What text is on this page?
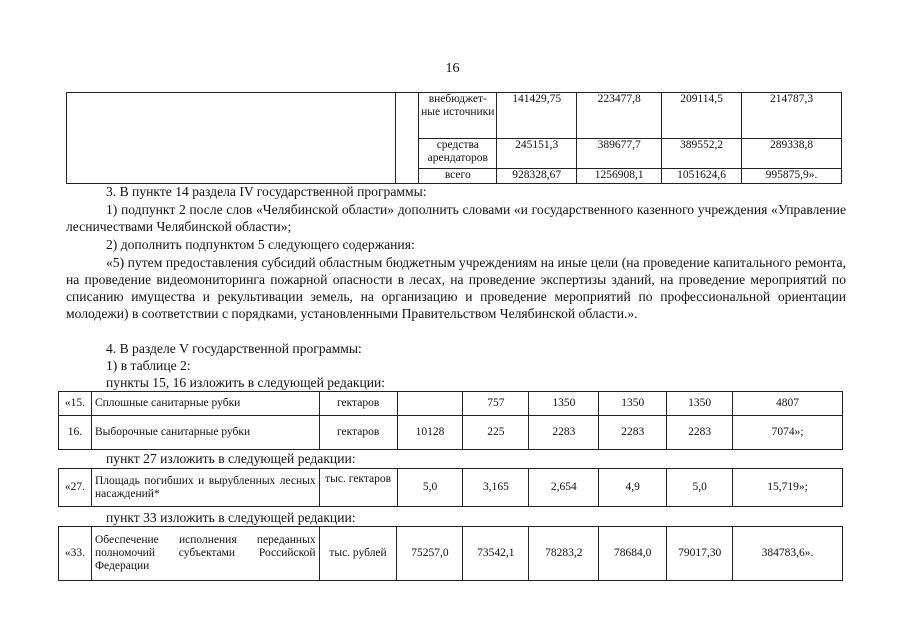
16
		внебюджет-ные источники	141429,75	223477,8	209114,5	214787,3
		средства арендаторов	245151,3	389677,7	389552,2	289338,8
		всего	928328,67	1256908,1	1051624,6	995875,9».
3. В пункте 14 раздела IV государственной программы:
1) подпункт 2 после слов «Челябинской области» дополнить словами «и государственного казенного учреждения «Управление лесничествами Челябинской области»;
2) дополнить подпунктом 5 следующего содержания:
«5) путем предоставления субсидий областным бюджетным учреждениям на иные цели (на проведение капитального ремонта, на проведение видеомониторинга пожарной опасности в лесах, на проведение экспертизы зданий, на проведение мероприятий по списанию имущества и рекультивации земель, на организацию и проведение мероприятий по профессиональной ориентации молодежи) в соответствии с порядками, установленными Правительством Челябинской области.».
4. В разделе V государственной программы:
1) в таблице 2:
пункты 15, 16 изложить в следующей редакции:
«15.	Сплошные санитарные рубки	гектаров		757	1350	1350	1350	4807
16.	Выборочные санитарные рубки	гектаров	10128	225	2283	2283	2283	7074»;
пункт 27 изложить в следующей редакции:
«27.	Площадь погибших и вырубленных лесных насаждений*	тыс. гектаров	5,0	3,165	2,654	4,9	5,0	15,719»;
пункт 33 изложить в следующей редакции:
«33.	Обеспечение исполнения переданных полномочий субъектами Российской Федерации	тыс. рублей	75257,0	73542,1	78283,2	78684,0	79017,30	384783,6».
